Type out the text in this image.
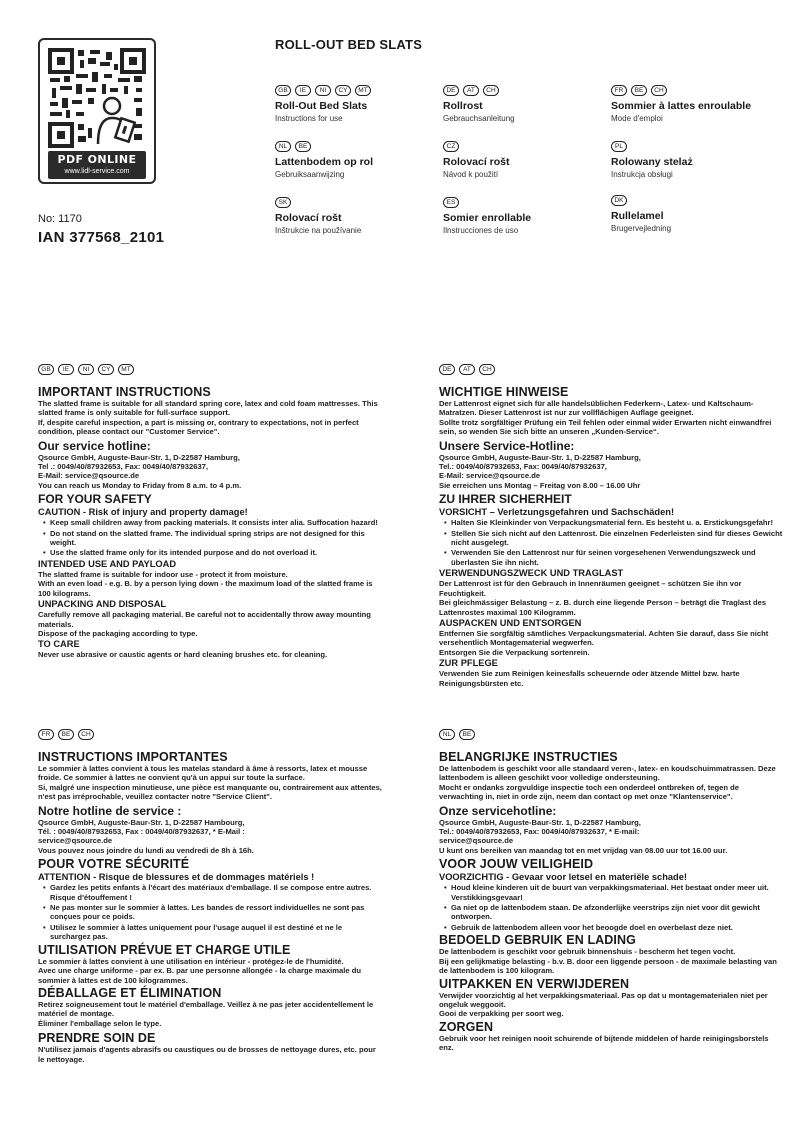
PDF ONLINE
www.lidl-service.com
No: 1170
IAN 377568_2101
ROLL-OUT BED SLATS
GB	IE	NI	CY	MT
Roll-Out Bed Slats
Instructions for use
DE	AT	CH
Rollrost
Gebrauchsanleitung
FR	BE	CH
Sommier à lattes enroulable
Mode d'emploi
NL	BE
Lattenbodem op rol
Gebruiksaanwijzing
CZ
Rolovací rošt
Návod k použití
PL
Rolowany stelaż
Instrukcja obsługi
SK
Rolovací rošt
Inštrukcie na používanie
ES
Somier enrollable
Ilnstrucciones de uso
DK
Rullelamel
Brugervejledning
GB	IE	NI	CY	MT
IMPORTANT INSTRUCTIONS
The slatted frame is suitable for all standard spring core, latex and cold foam mattresses. This slatted frame is only suitable for full-surface support.
If, despite careful inspection, a part is missing or, contrary to expectations, not in perfect condition, please contact our "Customer Service".
Our service hotline:
Qsource GmbH, Auguste-Baur-Str. 1, D-22587 Hamburg,
Tel .: 0049/40/87932653, Fax: 0049/40/87932637,
E-Mail: service@qsource.de
You can reach us Monday to Friday from 8 a.m. to 4 p.m.
FOR YOUR SAFETY
CAUTION - Risk of injury and property damage!
• Keep small children away from packing materials. It consists inter alia. Suffocation hazard!
• Do not stand on the slatted frame. The individual spring strips are not designed for this weight.
• Use the slatted frame only for its intended purpose and do not overload it.
INTENDED USE AND PAYLOAD
The slatted frame is suitable for indoor use - protect it from moisture.
With an even load - e.g. B. by a person lying down - the maximum load of the slatted frame is 100 kilograms.
UNPACKING AND DISPOSAL
Carefully remove all packaging material. Be careful not to accidentally throw away mounting materials.
Dispose of the packaging according to type.
TO CARE
Never use abrasive or caustic agents or hard cleaning brushes etc. for cleaning.
DE	AT	CH
WICHTIGE HINWEISE
Der Lattenrost eignet sich für alle handelsüblichen Federkern-, Latex- und Kaltschaum-Matratzen. Dieser Lattenrost ist nur zur vollflächigen Auflage geeignet.
Sollte trotz sorgfältiger Prüfung ein Teil fehlen oder einmal wider Erwarten nicht einwandfrei sein, so wenden Sie sich bitte an unseren „Kunden-Service“.
Unsere Service-Hotline:
Qsource GmbH, Auguste-Baur-Str. 1, D-22587 Hamburg,
Tel.: 0049/40/87932653, Fax: 0049/40/87932637,
E-Mail: service@qsource.de
Sie erreichen uns Montag – Freitag von 8.00 – 16.00 Uhr
ZU IHRER SICHERHEIT
VORSICHT – Verletzungsgefahren und Sachschäden!
• Halten Sie Kleinkinder von Verpackungsmaterial fern. Es besteht u. a. Erstickungsgefahr!
• Stellen Sie sich nicht auf den Lattenrost. Die einzelnen Federleisten sind für dieses Gewicht nicht ausgelegt.
• Verwenden Sie den Lattenrost nur für seinen vorgesehenen Verwendungszweck und überlasten Sie ihn nicht.
VERWENDUNGSZWECK UND TRAGLAST
Der Lattenrost ist für den Gebrauch in Innenräumen geeignet – schützen Sie ihn vor Feuchtigkeit.
Bei gleichmässiger Belastung – z. B. durch eine liegende Person – beträgt die Traglast des Lattenrostes maximal 100 Kilogramm.
AUSPACKEN UND ENTSORGEN
Entfernen Sie sorgfältig sämtliches Verpackungsmaterial. Achten Sie darauf, dass Sie nicht versehentlich Montagematerial wegwerfen.
Entsorgen Sie die Verpackung sortenrein.
ZUR PFLEGE
Verwenden Sie zum Reinigen keinesfalls scheuernde oder ätzende Mittel bzw. harte Reinigungsbürsten etc.
FR	BE	CH
INSTRUCTIONS IMPORTANTES
Le sommier à lattes convient à tous les matelas standard à âme à ressorts, latex et mousse froide. Ce sommier à lattes ne convient qu'à un appui sur toute la surface.
Si, malgré une inspection minutieuse, une pièce est manquante ou, contrairement aux attentes, n'est pas irréprochable, veuillez contacter notre "Service Client".
Notre hotline de service :
Qsource GmbH, Auguste-Baur-Str. 1, D-22587 Hambourg,
Tél. : 0049/40/87932653, Fax : 0049/40/87932637, * E-Mail :
service@qsource.de
Vous pouvez nous joindre du lundi au vendredi de 8h à 16h.
POUR VOTRE SÉCURITÉ
ATTENTION - Risque de blessures et de dommages matériels !
• Gardez les petits enfants à l'écart des matériaux d'emballage. Il se compose entre autres. Risque d'étouffement !
• Ne pas monter sur le sommier à lattes. Les bandes de ressort individuelles ne sont pas conçues pour ce poids.
• Utilisez le sommier à lattes uniquement pour l'usage auquel il est destiné et ne le surchargez pas.
UTILISATION PRÉVUE ET CHARGE UTILE
Le sommier à lattes convient à une utilisation en intérieur - protégez-le de l'humidité.
Avec une charge uniforme - par ex. B. par une personne allongée - la charge maximale du sommier à lattes est de 100 kilogrammes.
DÉBALLAGE ET ÉLIMINATION
Retirez soigneusement tout le matériel d'emballage. Veillez à ne pas jeter accidentellement le matériel de montage.
Éliminer l'emballage selon le type.
PRENDRE SOIN DE
N'utilisez jamais d'agents abrasifs ou caustiques ou de brosses de nettoyage dures, etc. pour le nettoyage.
NL	BE
BELANGRIJKE INSTRUCTIES
De lattenbodem is geschikt voor alle standaard veren-, latex- en koudschuimmatrassen. Deze lattenbodem is alleen geschikt voor volledige ondersteuning.
Mocht er ondanks zorgvuldige inspectie toch een onderdeel ontbreken of, tegen de verwachting in, niet in orde zijn, neem dan contact op met onze "Klantenservice".
Onze servicehotline:
Qsource GmbH, Auguste-Baur-Str. 1, D-22587 Hamburg,
Tel.: 0049/40/87932653, Fax: 0049/40/87932637, * E-mail:
service@qsource.de
U kunt ons bereiken van maandag tot en met vrijdag van 08.00 uur tot 16.00 uur.
VOOR JOUW VEILIGHEID
VOORZICHTIG - Gevaar voor letsel en materiële schade!
• Houd kleine kinderen uit de buurt van verpakkingsmateriaal. Het bestaat onder meer uit. Verstikkingsgevaar!
• Ga niet op de lattenbodem staan. De afzonderlijke veerstrips zijn niet voor dit gewicht ontworpen.
• Gebruik de lattenbodem alleen voor het beoogde doel en overbelast deze niet.
BEDOELD GEBRUIK EN LADING
De lattenbodem is geschikt voor gebruik binnenshuis - bescherm het tegen vocht.
Bij een gelijkmatige belasting - b.v. B. door een liggende persoon - de maximale belasting van de lattenbodem is 100 kilogram.
UITPAKKEN EN VERWIJDEREN
Verwijder voorzichtig al het verpakkingsmateriaal. Pas op dat u montagematerialen niet per ongeluk weggooit.
Gooi de verpakking per soort weg.
ZORGEN
Gebruik voor het reinigen nooit schurende of bijtende middelen of harde reinigingsborstels enz.
